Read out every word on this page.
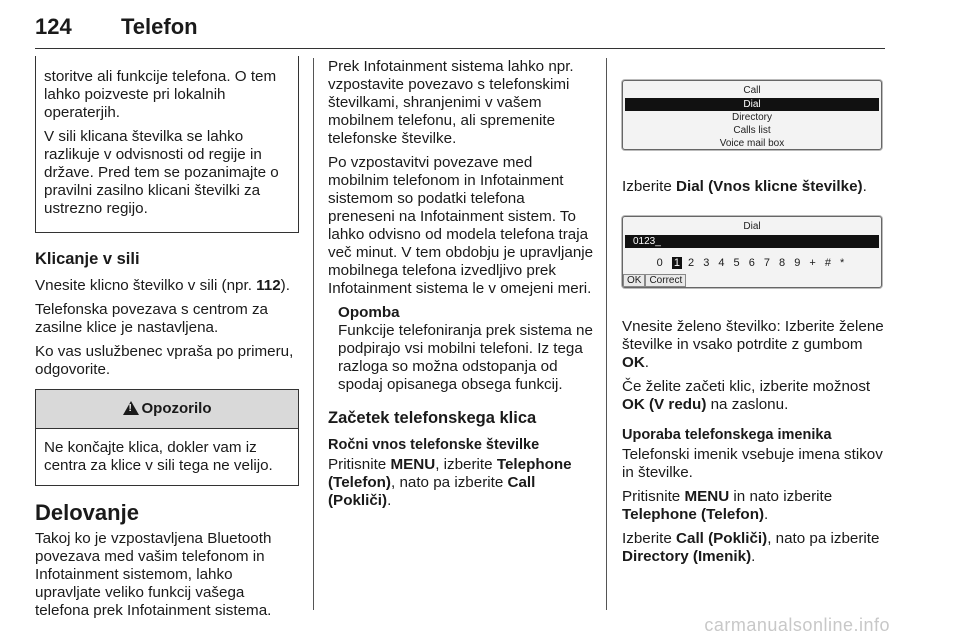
124 Telefon

storitve ali funkcije telefona. O tem lahko poizveste pri lokalnih operaterjih.

V sili klicana številka se lahko razlikuje v odvisnosti od regije in države. Pred tem se pozanimajte o pravilni zasilno klicani številki za ustrezno regijo.

Klicanje v sili

Vnesite klicno številko v sili (npr. 112).

Telefonska povezava s centrom za zasilne klice je nastavljena.

Ko vas uslužbenec vpraša po primeru, odgovorite.

!Opozorilo
Ne končajte klica, dokler vam iz centra za klice v sili tega ne velijo.
Delovanje

Takoj ko je vzpostavljena Bluetooth povezava med vašim telefonom in Infotainment sistemom, lahko upravljate veliko funkcij vašega telefona prek Infotainment sistema.

Prek Infotainment sistema lahko npr. vzpostavite povezavo s telefonskimi številkami, shranjenimi v vašem mobilnem telefonu, ali spremenite telefonske številke.

Po vzpostavitvi povezave med mobilnim telefonom in Infotainment sistemom so podatki telefona preneseni na Infotainment sistem. To lahko odvisno od modela telefona traja več minut. V tem obdobju je upravljanje mobilnega telefona izvedljivo prek Infotainment sistema le v omejeni meri.

Opomba
Funkcije telefoniranja prek sistema ne podpirajo vsi mobilni telefoni. Iz tega razloga so možna odstopanja od spodaj opisanega obsega funkcij.
Začetek telefonskega klica
Ročni vnos telefonske številke

Pritisnite MENU, izberite Telephone (Telefon), nato pa izberite Call (Pokliči).

Call
Dial
Directory
Calls list
Voice mail box

Izberite Dial (Vnos klicne številke).

Dial
0123_
0 1 2 3 4 5 6 7 8 9 + # *
OK Correct

Vnesite želeno številko: Izberite želene številke in vsako potrdite z gumbom OK.

Če želite začeti klic, izberite možnost OK (V redu) na zaslonu.

Uporaba telefonskega imenika

Telefonski imenik vsebuje imena stikov in številke.

Pritisnite MENU in nato izberite Telephone (Telefon).

Izberite Call (Pokliči), nato pa izberite Directory (Imenik).

carmanualsonline.info
